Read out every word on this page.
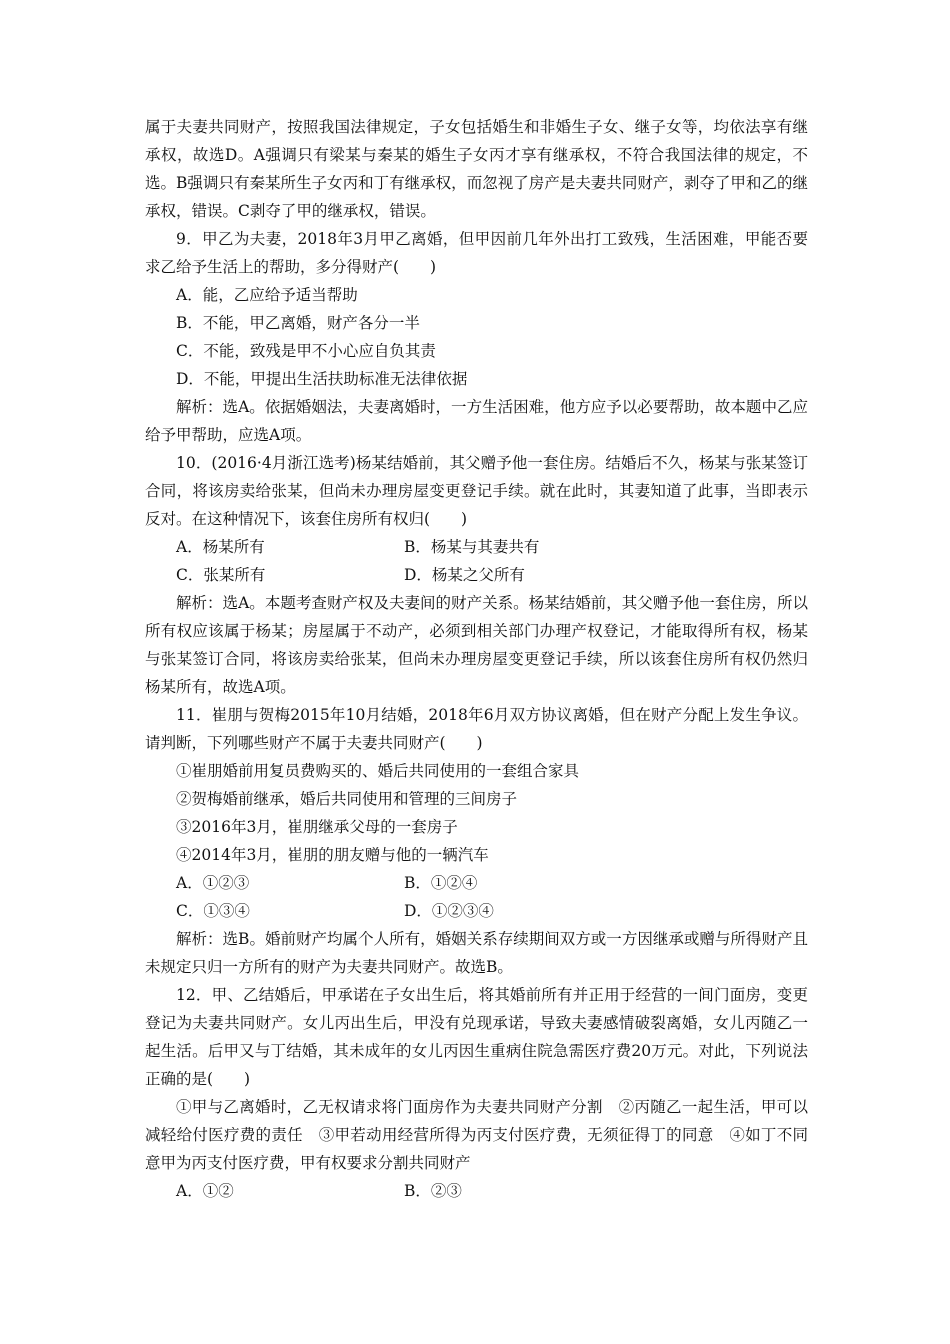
属于夫妻共同财产，按照我国法律规定，子女包括婚生和非婚生子女、继子女等，均依法享有继承权，故选D。A强调只有梁某与秦某的婚生子女丙才享有继承权，不符合我国法律的规定，不选。B强调只有秦某所生子女丙和丁有继承权，而忽视了房产是夫妻共同财产，剥夺了甲和乙的继承权，错误。C剥夺了甲的继承权，错误。

9．甲乙为夫妻，2018年3月甲乙离婚，但甲因前几年外出打工致残，生活困难，甲能否要求乙给予生活上的帮助，多分得财产(　　)

A．能，乙应给予适当帮助

B．不能，甲乙离婚，财产各分一半

C．不能，致残是甲不小心应自负其责

D．不能，甲提出生活扶助标准无法律依据

解析：选A。依据婚姻法，夫妻离婚时，一方生活困难，他方应予以必要帮助，故本题中乙应给予甲帮助，应选A项。

10．(2016·4月浙江选考)杨某结婚前，其父赠予他一套住房。结婚后不久，杨某与张某签订合同，将该房卖给张某，但尚未办理房屋变更登记手续。就在此时，其妻知道了此事，当即表示反对。在这种情况下，该套住房所有权归(　　)

A．杨某所有	B．杨某与其妻共有
C．张某所有	D．杨某之父所有

解析：选A。本题考查财产权及夫妻间的财产关系。杨某结婚前，其父赠予他一套住房，所以所有权应该属于杨某；房屋属于不动产，必须到相关部门办理产权登记，才能取得所有权，杨某与张某签订合同，将该房卖给张某，但尚未办理房屋变更登记手续，所以该套住房所有权仍然归杨某所有，故选A项。

11．崔朋与贺梅2015年10月结婚，2018年6月双方协议离婚，但在财产分配上发生争议。请判断，下列哪些财产不属于夫妻共同财产(　　)

①崔朋婚前用复员费购买的、婚后共同使用的一套组合家具

②贺梅婚前继承，婚后共同使用和管理的三间房子

③2016年3月，崔朋继承父母的一套房子

④2014年3月，崔朋的朋友赠与他的一辆汽车

A．①②③	B．①②④
C．①③④	D．①②③④

解析：选B。婚前财产均属个人所有，婚姻关系存续期间双方或一方因继承或赠与所得财产且未规定只归一方所有的财产为夫妻共同财产。故选B。

12．甲、乙结婚后，甲承诺在子女出生后，将其婚前所有并正用于经营的一间门面房，变更登记为夫妻共同财产。女儿丙出生后，甲没有兑现承诺，导致夫妻感情破裂离婚，女儿丙随乙一起生活。后甲又与丁结婚，其未成年的女儿丙因生重病住院急需医疗费20万元。对此，下列说法正确的是(　　)

①甲与乙离婚时，乙无权请求将门面房作为夫妻共同财产分割　②丙随乙一起生活，甲可以减轻给付医疗费的责任　③甲若动用经营所得为丙支付医疗费，无须征得丁的同意　④如丁不同意甲为丙支付医疗费，甲有权要求分割共同财产

A．①②	B．②③
